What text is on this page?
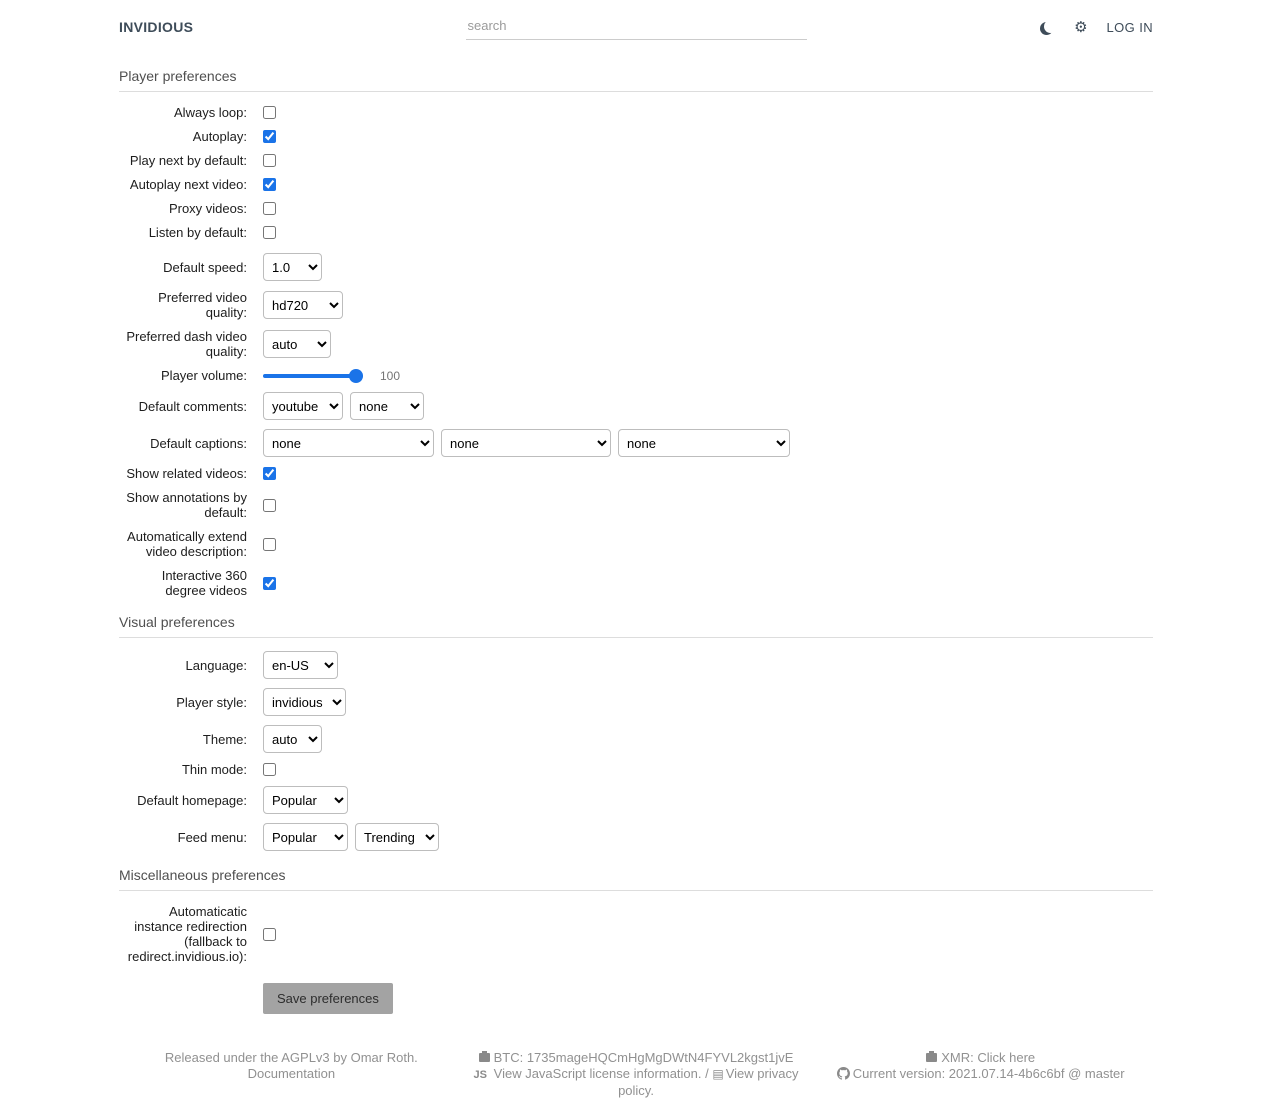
INVIDIOUS
search	⚙ LOG IN
Player preferences
Always loop:
Autoplay:
Play next by default:
Autoplay next video:
Proxy videos:
Listen by default:
Default speed:
1.0
Preferred video quality:
hd720
Preferred dash video quality:
auto
Player volume:	100
Default comments:
youtube
none
Default captions:
none
none
none
Show related videos:
Show annotations by default:
Automatically extend video description:
Interactive 360 degree videos
Visual preferences
Language:
en-US
Player style:
invidious
Theme:
auto
Thin mode:
Default homepage:
Popular
Feed menu:
Popular
Trending
Miscellaneous preferences
Automaticatic instance redirection (fallback to redirect.invidious.io):
Save preferences
Released under the AGPLv3 by Omar Roth.
Documentation
BTC: 1735mageHQCmHgMgDWtN4FYVL2kgst1jvE
JS View JavaScript license information. / ▤ View privacy policy.
XMR: Click here
Current version: 2021.07.14-4b6c6bf @ master
